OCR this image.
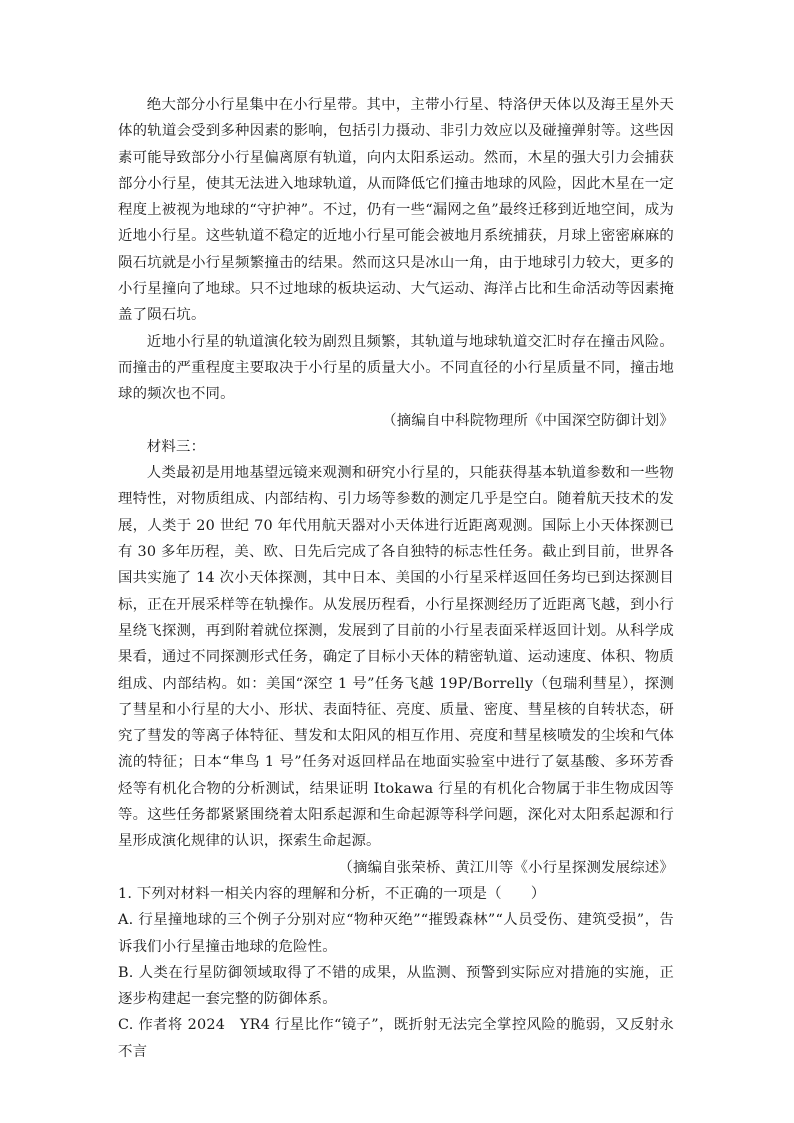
绝大部分小行星集中在小行星带。其中，主带小行星、特洛伊天体以及海王星外天体的轨道会受到多种因素的影响，包括引力摄动、非引力效应以及碰撞弹射等。这些因素可能导致部分小行星偏离原有轨道，向内太阳系运动。然而，木星的强大引力会捕获部分小行星，使其无法进入地球轨道，从而降低它们撞击地球的风险，因此木星在一定程度上被视为地球的“守护神”。不过，仍有一些“漏网之鱼”最终迁移到近地空间，成为近地小行星。这些轨道不稳定的近地小行星可能会被地月系统捕获，月球上密密麻麻的陨石坑就是小行星频繁撞击的结果。然而这只是冰山一角，由于地球引力较大，更多的小行星撞向了地球。只不过地球的板块运动、大气运动、海洋占比和生命活动等因素掩盖了陨石坑。

近地小行星的轨道演化较为剧烈且频繁，其轨道与地球轨道交汇时存在撞击风险。而撞击的严重程度主要取决于小行星的质量大小。不同直径的小行星质量不同，撞击地球的频次也不同。

（摘编自中科院物理所《中国深空防御计划》

材料三：

人类最初是用地基望远镜来观测和研究小行星的，只能获得基本轨道参数和一些物理特性，对物质组成、内部结构、引力场等参数的测定几乎是空白。随着航天技术的发展，人类于 20 世纪 70 年代用航天器对小天体进行近距离观测。国际上小天体探测已有 30 多年历程，美、欧、日先后完成了各自独特的标志性任务。截止到目前，世界各国共实施了 14 次小天体探测，其中日本、美国的小行星采样返回任务均已到达探测目标，正在开展采样等在轨操作。从发展历程看，小行星探测经历了近距离飞越，到小行星绕飞探测，再到附着就位探测，发展到了目前的小行星表面采样返回计划。从科学成果看，通过不同探测形式任务，确定了目标小天体的精密轨道、运动速度、体积、物质组成、内部结构。如：美国“深空 1 号”任务飞越 19P/Borrelly（包瑞利彗星），探测了彗星和小行星的大小、形状、表面特征、亮度、质量、密度、彗星核的自转状态，研究了彗发的等离子体特征、彗发和太阳风的相互作用、亮度和彗星核喷发的尘埃和气体流的特征；日本“隼鸟 1 号”任务对返回样品在地面实验室中进行了氨基酸、多环芳香烃等有机化合物的分析测试，结果证明 Itokawa 行星的有机化合物属于非生物成因等等。这些任务都紧紧围绕着太阳系起源和生命起源等科学问题，深化对太阳系起源和行星形成演化规律的认识，探索生命起源。

（摘编自张荣桥、黄江川等《小行星探测发展综述》

1. 下列对材料一相关内容的理解和分析，不正确的一项是（　　）

A. 行星撞地球的三个例子分别对应“物种灭绝”“摧毁森林”“人员受伤、建筑受损”，告诉我们小行星撞击地球的危险性。

B. 人类在行星防御领域取得了不错的成果，从监测、预警到实际应对措施的实施，正逐步构建起一套完整的防御体系。

C. 作者将 2024　YR4 行星比作“镜子”，既折射无法完全掌控风险的脆弱，又反射永不言
